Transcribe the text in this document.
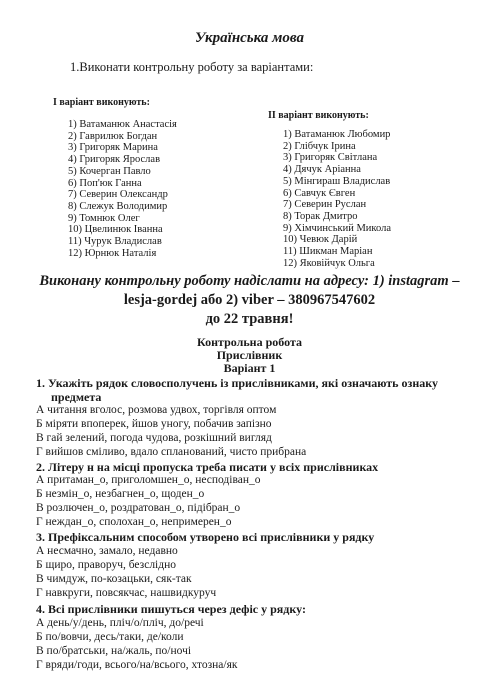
Українська мова
1.Виконати контрольну роботу за варіантами:
І варіант виконують:
1) Ватаманюк Анастасія
2) Гаврилюк Богдан
3) Григоряк Марина
4) Григоряк Ярослав
5) Кочерган Павло
6) Поп'юк Ганна
7) Северин Олександр
8) Слежук Володимир
9) Томнюк Олег
10) Цвелинюк Іванна
11) Чурук Владислав
12) Юрнюк Наталія
ІІ варіант виконують:
1) Ватаманюк Любомир
2) Глібчук Ірина
3) Григоряк Світлана
4) Дячук Аріанна
5) Мінгираш Владислав
6) Савчук Євген
7) Северин Руслан
8) Торак Дмитро
9) Хімчинський Микола
10) Чевюк Дарій
11) Шикман Маріан
12) Яковійчук Ольга
Виконану контрольну роботу надіслати на адресу: 1) instagram –
lesja-gordej або 2) viber – 380967547602
до 22 травня!
Контрольна робота
Прислівник
Варіант 1
1. Укажіть рядок словосполучень із прислівниками, які означають ознаку
предмета
А читання вголос, розмова удвох, торгівля оптом
Б міряти впоперек, йшов уногу, побачив запізно
В гай зелений, погода чудова, розкішний вигляд
Г вийшов сміливо, вдало спланований, чисто прибрана
2. Літеру н на місці пропуска треба писати у всіх прислівниках
А притаман_о, приголомшен_о, несподіван_о
Б незмін_о, незбагнен_о, щоден_о
В розлючен_о, роздратован_о, підібран_о
Г неждан_о, сполохан_о, непримерен_о
3. Префіксальним способом утворено всі прислівники у рядку
А несмачно, замало, недавно
Б щиро, праворуч, безслідно
В чимдуж, по-козацьки, сяк-так
Г навкруги, повсякчас, нашвидкуруч
4. Всі прислівники пишуться через дефіс у рядку:
А день/у/день, пліч/о/пліч, до/речі
Б по/вовчи, десь/таки, де/коли
В по/братськи, на/жаль, по/ночі
Г вряди/годи, всього/на/всього, хтозна/як
